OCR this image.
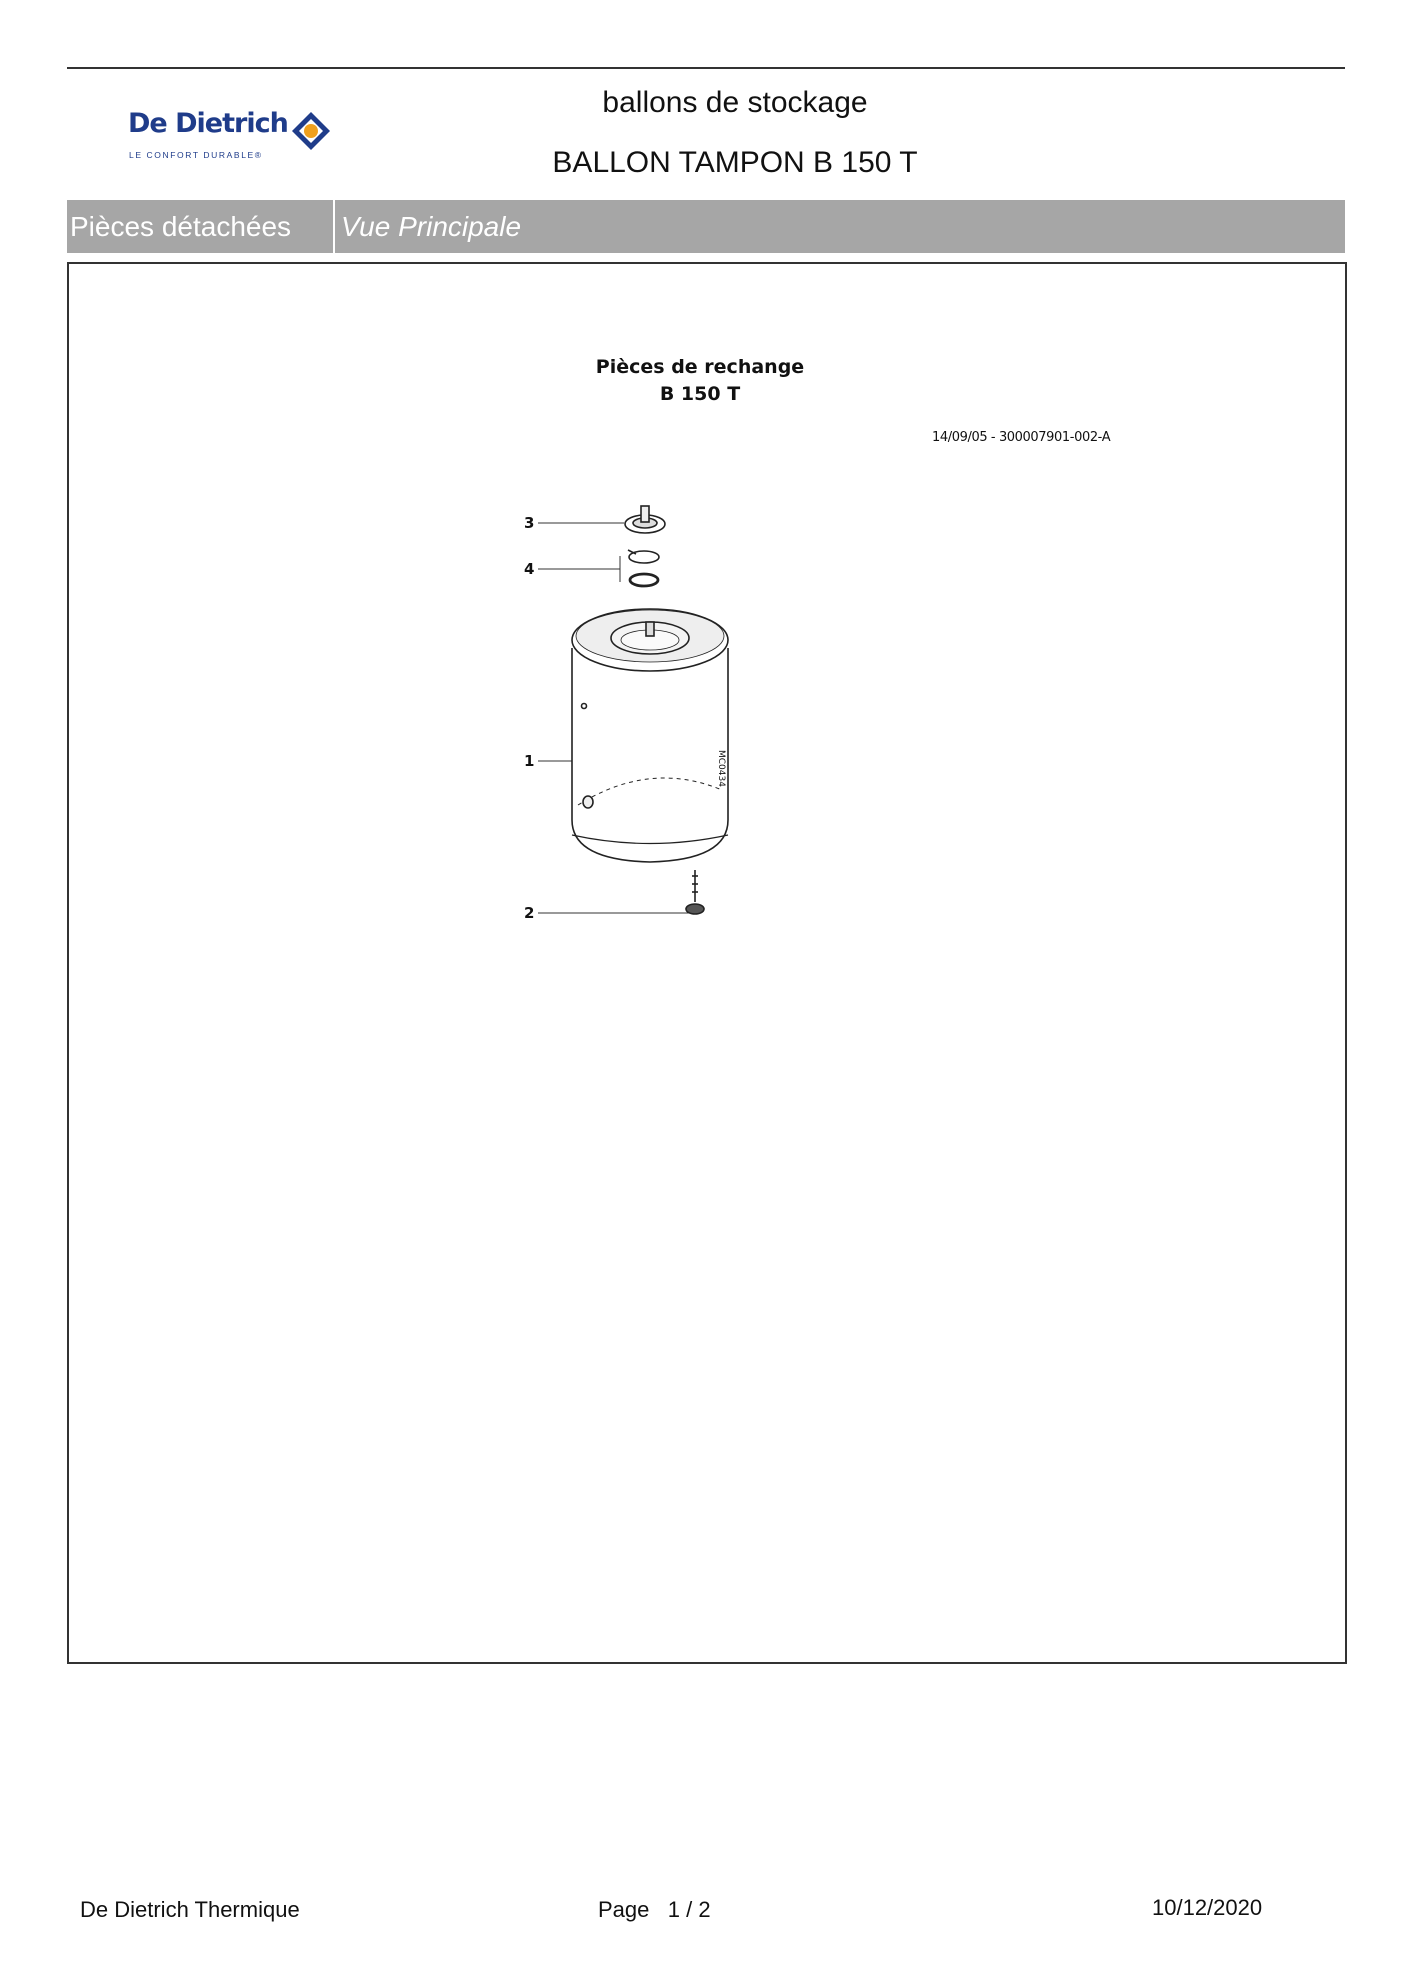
De Dietrich
LE CONFORT DURABLE®
ballons de stockage
BALLON TAMPON B 150 T
Pièces détachées	Vue Principale
Pièces de rechange
B 150 T
14/09/05 - 300007901-002-A
3
4
1
2
MC0434
De Dietrich Thermique	Page 1 / 2	10/12/2020
